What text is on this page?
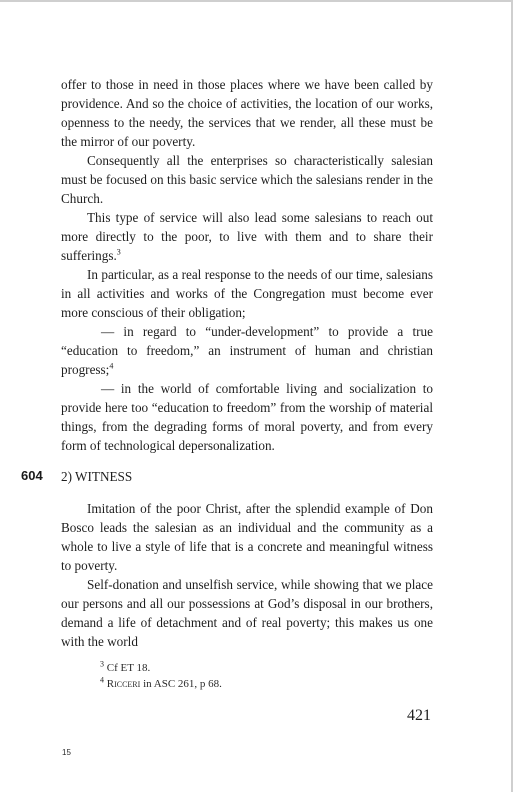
offer to those in need in those places where we have been called by providence. And so the choice of activities, the location of our works, openness to the needy, the services that we render, all these must be the mirror of our poverty.

Consequently all the enterprises so characteristically salesian must be focused on this basic service which the salesians render in the Church.

This type of service will also lead some salesians to reach out more directly to the poor, to live with them and to share their sufferings.$^3$

In particular, as a real response to the needs of our time, salesians in all activities and works of the Congregation must become ever more conscious of their obligation;

— in regard to “under-development” to provide a true “education to freedom,” an instrument of human and christian progress;$^4$

— in the world of comfortable living and socialization to provide here too “education to freedom” from the worship of material things, from the degrading forms of moral poverty, and from every form of technological depersonalization.

604 2) WITNESS

Imitation of the poor Christ, after the splendid example of Don Bosco leads the salesian as an individual and the community as a whole to live a style of life that is a concrete and meaningful witness to poverty.

Self-donation and unselfish service, while showing that we place our persons and all our possessions at God’s disposal in our brothers, demand a life of detachment and of real poverty; this makes us one with the world

$^3$ Cf ET 18.

$^4$ Ricceri in ASC 261, p 68.

421
15
